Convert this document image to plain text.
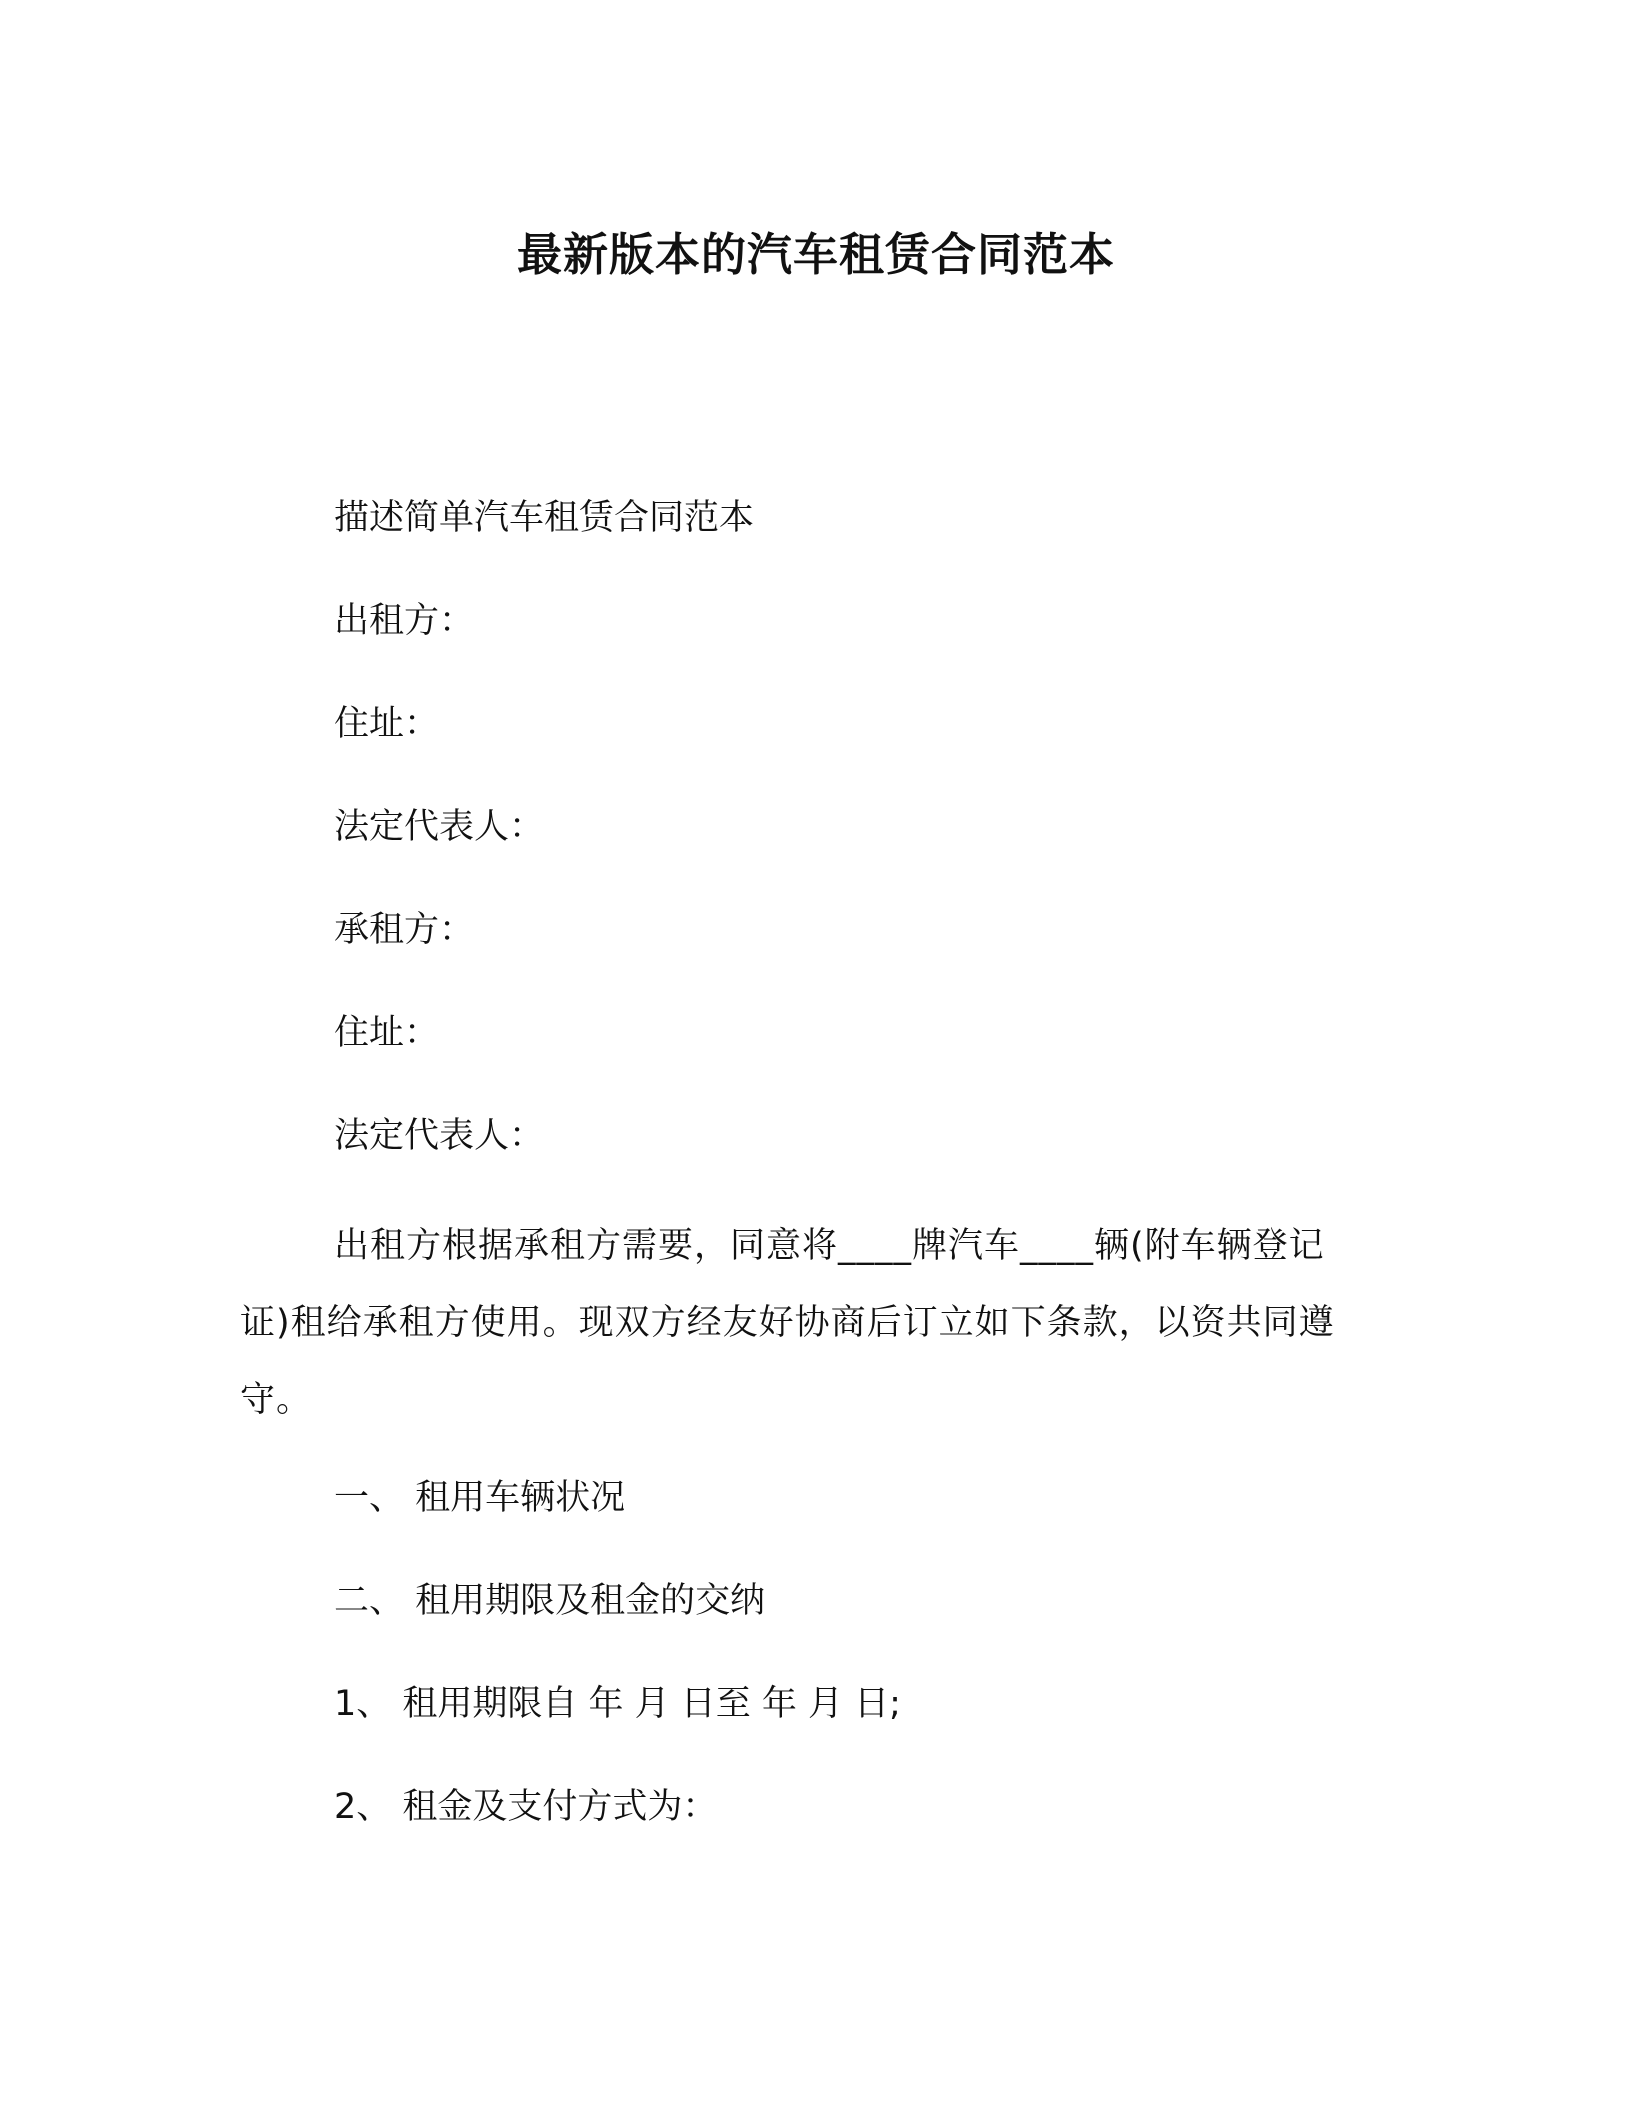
最新版本的汽车租赁合同范本

描述简单汽车租赁合同范本

出租方：

住址：

法定代表人：

承租方：

住址：

法定代表人：

出租方根据承租方需要，同意将____牌汽车____辆(附车辆登记证)租给承租方使用。现双方经友好协商后订立如下条款，以资共同遵守。

一、 租用车辆状况

二、 租用期限及租金的交纳

1、 租用期限自 年 月 日至 年 月 日;

2、 租金及支付方式为：
